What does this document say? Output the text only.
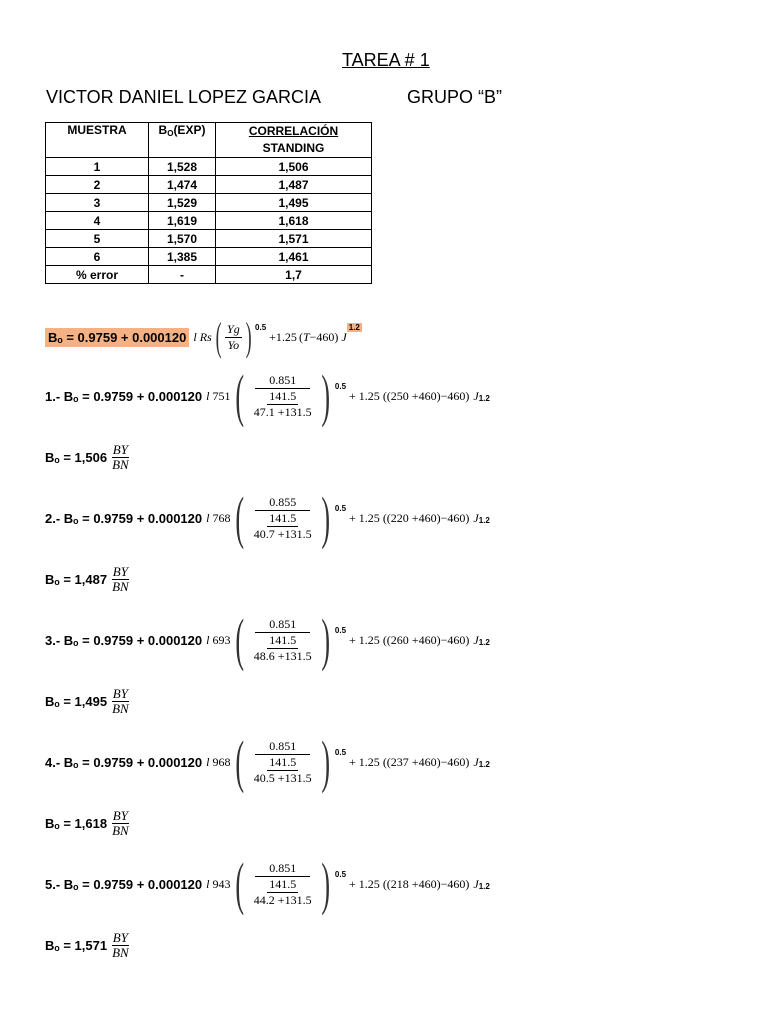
TAREA # 1
VICTOR DANIEL LOPEZ GARCIA	GRUPO “B”
MUESTRA	$B_O(EXP)$	CORRELACIÓN
STANDING

1	1,528	1,506
2	1,474	1,487
3	1,529	1,495
4	1,619	1,618
5	1,570	1,571
6	1,385	1,461
% error	-	1,7
Bₒ = 0.9759 + 0.000120 l Rs ( $\frac{Yg}{Yo}$ ) 0.5
+1.25 ( T −460 ) J
1.2
1.- Bₒ = 0.9759 + 0.000120 l 751 ( $\frac{0.851}{\frac{141.5}{47.1 +131.5}}$ ) 0.5
+ 1.25 ((250 +460) −460 ) J 1.2
$B_o = 1,506 \frac{BY}{BN}$
2.- Bₒ = 0.9759 + 0.000120 l 768 ( $\frac{0.855}{\frac{141.5}{40.7 +131.5}}$ ) 0.5
+ 1.25 ((220 +460) −460 ) J 1.2
$B_o = 1,487 \frac{BY}{BN}$
3.- Bₒ = 0.9759 + 0.000120 l 693 ( $\frac{0.851}{\frac{141.5}{48.6 +131.5}}$ ) 0.5
+ 1.25 ((260 +460) −460 ) J 1.2
$B_o = 1,495 \frac{BY}{BN}$
4.- Bₒ = 0.9759 + 0.000120 l 968 ( $\frac{0.851}{\frac{141.5}{40.5 +131.5}}$ ) 0.5
+ 1.25 ((237 +460) −460 ) J 1.2
$B_o = 1,618 \frac{BY}{BN}$
5.- Bₒ = 0.9759 + 0.000120 l 943 ( $\frac{0.851}{\frac{141.5}{44.2 +131.5}}$ ) 0.5
+ 1.25 ((218 +460) −460 ) J 1.2
$B_o = 1,571 \frac{BY}{BN}$
